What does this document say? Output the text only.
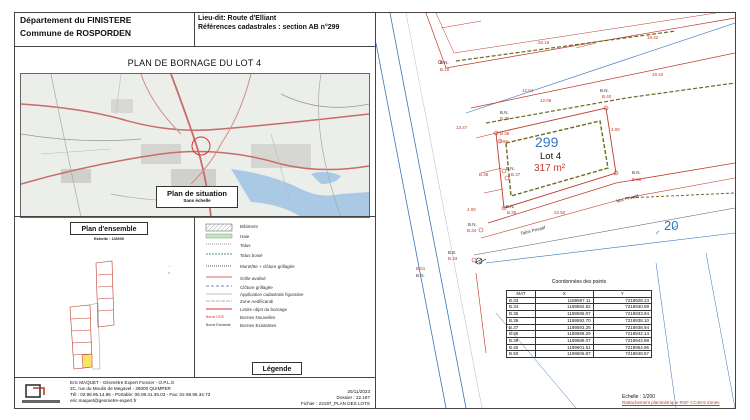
Département du FINISTERE
Commune de ROSPORDEN
Lieu-dit: Route d'Elliant
Références cadastrales : section AB n°299
PLAN DE BORNAGE DU LOT 4
Plan de situation
Sans échelle
Plan d'ensemble
Echelle : 1/2000
Bâtiment
Haie
Talus
Talus boisé
Muret/tte + clôture grillagée
Grille avalisé
Clôture grillagée
Application cadastrale figurative
Zone Aedificandi
Limite objet du bornage
Bornes Nouvelles
Bornes Existantes
Borne OGE
Borne Existante
Légende
Eric MAQUET - Géomètre Expert Foncier - O.P.L.G
2C, rue du Moulin de Megavel - 29000 QUIMPER
Tél : 02.98.95.14.95 - Portable: 06.08.41.35.03 - Fax: 02.98.95.34.73
eric.maquet@geometre-expert.fr
20/11/2023
Dossier : 22.197
Fichier : 22197_PLAN DES LOTS
B.N.
B.19
20.16
19.42
12.64
12.06
19.42
B.N.
B.40
B.N.
B.39
B.36
3.08
3.00
13.47
B.N.
B.37
B.38	B.N.
B.50
B.N.
B.35	22.92
4.00
B.N.
B.34
B.E.
B.33
B.51
B.N.
Mur Privatif
Talus Privatif
299
Lot 4
317 m²
20
Coordonnées des points
MAT	X	Y
B.33	1189597.11	7218928.13
B.34	1189592.82	7218930.89
B.35	1189596.07	7218933.94
B.36	1189592.70	7218938.10
B.37	1189593.25	7218938.94
B.38	1189588.29	7218942.14
B.39	1189588.07	7218943.88
B.40	1189601.51	7218954.95
B.50	1189606.87	7218948.87
Echelle : 1/200
Rattachement planimétrique RGF CC48-9 Zones
